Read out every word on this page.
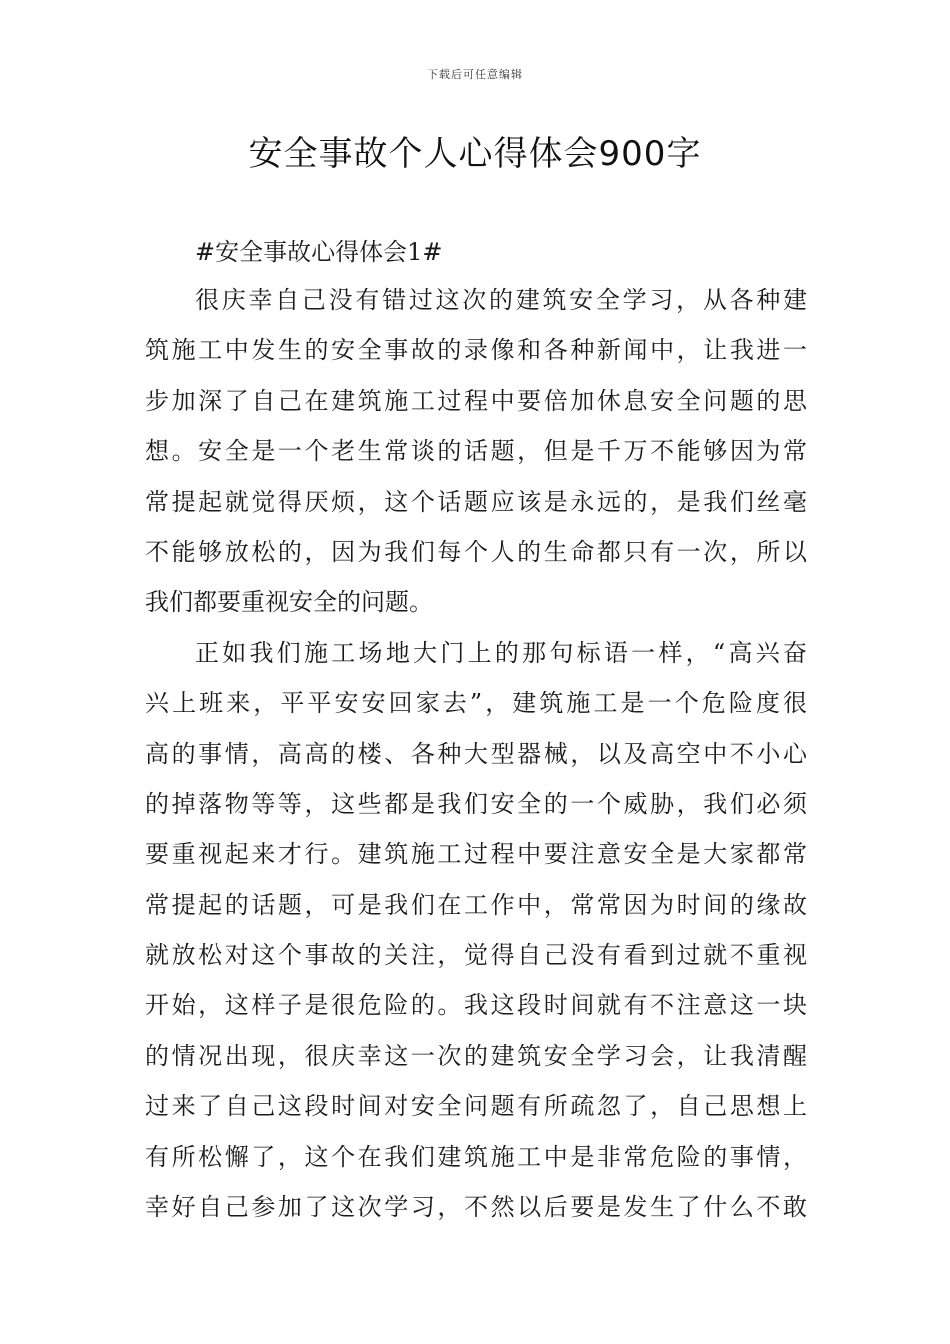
下载后可任意编辑
安全事故个人心得体会900字

#安全事故心得体会1#

很庆幸自己没有错过这次的建筑安全学习，从各种建
筑施工中发生的安全事故的录像和各种新闻中，让我进一
步加深了自己在建筑施工过程中要倍加休息安全问题的思
想。安全是一个老生常谈的话题，但是千万不能够因为常
常提起就觉得厌烦，这个话题应该是永远的，是我们丝毫
不能够放松的，因为我们每个人的生命都只有一次，所以
我们都要重视安全的问题。
正如我们施工场地大门上的那句标语一样，“高兴奋
兴上班来，平平安安回家去”，建筑施工是一个危险度很
高的事情，高高的楼、各种大型器械，以及高空中不小心
的掉落物等等，这些都是我们安全的一个威胁，我们必须
要重视起来才行。建筑施工过程中要注意安全是大家都常
常提起的话题，可是我们在工作中，常常因为时间的缘故
就放松对这个事故的关注，觉得自己没有看到过就不重视
开始，这样子是很危险的。我这段时间就有不注意这一块
的情况出现，很庆幸这一次的建筑安全学习会，让我清醒
过来了自己这段时间对安全问题有所疏忽了，自己思想上
有所松懈了，这个在我们建筑施工中是非常危险的事情，
幸好自己参加了这次学习，不然以后要是发生了什么不敢
